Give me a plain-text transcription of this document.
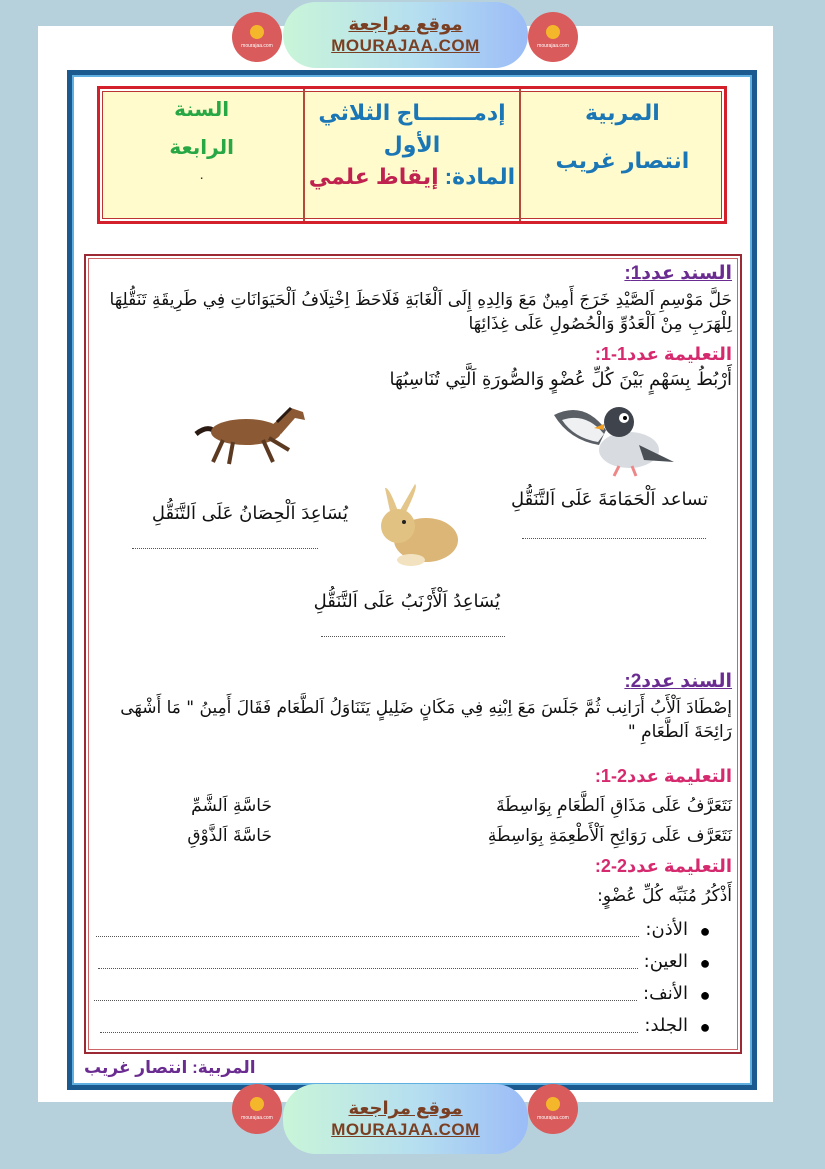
mourajaa.com
موقع مراجعة
MOURAJAA.COM	mourajaa.com
المربية
انتصار غريب
إدمـــــــاج الثلاثي
الأول
المادة: إيقاظ علمي
السنة
الرابعة
.
السند عدد1:
حَلَّ مَوْسِمِ اَلصَّيْدِ خَرَجَ أَمِينٌ مَعَ وَالِدِهِ إِلَى اَلْغَابَةِ فَلَاحَظَ اِخْتِلَافُ اَلْحَيَوَانَاتِ فِي طَرِيقَةِ تَنَقُّلِهَا لِلْهَرَبِ مِنْ اَلْعَدُوِّ وَالْحُصُولِ عَلَى غِذَائِهَا
التعليمة عدد1-1:
أَرْبُطُ بِسَهْمٍ بَيْنَ كُلِّ عُضْوٍ وَالصُّورَةِ اَلَّتِي تُنَاسِبُهَا
تساعد اَلْحَمَامَةَ عَلَى اَلتَّنَقُّلِ
يُسَاعِدَ اَلْحِصَانُ عَلَى اَلتَّنَقُّلِ
يُسَاعِدُ اَلْأَرْنَبُ عَلَى اَلتَّنَقُّلِ
السند عدد2:
إصْطَادَ اَلْأَبُ أَرَانِب ثُمَّ جَلَسَ مَعَ اِبْنِهِ فِي مَكَانٍ ضَلِيلٍ يَتَنَاوَلُ اَلطَّعَام فَقَالَ أَمِينُ " مَا أَشْهَى رَائِحَةَ اَلطَّعَامِ "
التعليمة عدد2-1:
نَتَعَرَّفُ عَلَى مَذَاقِ اَلطَّعَامِ بِوَاسِطَةَ
حَاسَّةِ اَلشَّمِّ
نَتَعَرَّف عَلَى رَوَائِحِ اَلْأَطْعِمَةِ بِوَاسِطَةِ
حَاسَّةَ اَلذَّوْقِ
التعليمة عدد2-2:
أَذْكُرُ مُنَبِّه كُلِّ عُضْوٍ:
●
الأذن:
●
العين:
●
الأنف:
●
الجلد:
المربية: انتصار غريب
mourajaa.com	موقع مراجعة
MOURAJAA.COM
mourajaa.com
